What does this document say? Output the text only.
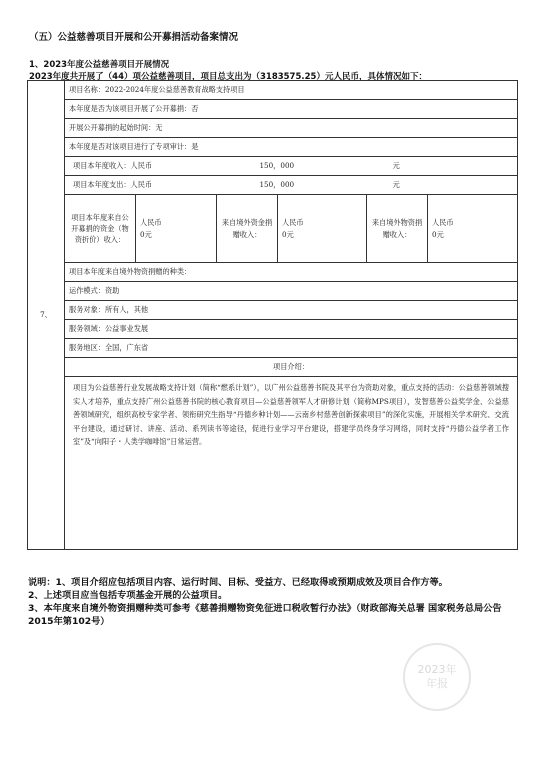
（五）公益慈善项目开展和公开募捐活动备案情况
1、2023年度公益慈善项目开展情况
2023年度共开展了（44）项公益慈善项目，项目总支出为（3183575.25）元人民币，具体情况如下：
7、	项目名称：2022-2024年度公益慈善教育战略支持项目
本年度是否为该项目开展了公开募捐：否
开展公开募捐的起始时间：无
本年度是否对该项目进行了专项审计：是

项目本年度收入：人民币	150，000	元

项目本年度支出：人民币	150，000	元

项目本年度来自公开募捐的资金（物资折价）收入：	
人民币
0元
	来自境外资金捐赠收入：	
人民币
0元
	来自境外物资捐赠收入：	
人民币
0元

项目本年度来自境外物资捐赠的种类：
运作模式：资助
服务对象：所有人，其他
服务领域：公益事业发展
服务地区：全国，广东省
项目介绍：
项目为公益慈善行业发展战略支持计划（简称“燃系计划”），以广州公益慈善书院及其平台为资助对象，重点支持的活动：公益慈善领域搜实人才培养，重点支持广州公益慈善书院的核心教育项目—公益慈善领军人才研修计划（简称MPS项目），发智慈善公益奖学金、公益慈善领域研究，组织高校专家学者、领衔研究生指导“丹德乡种计划——云南乡村慈善创新探索项目”的深化实施，开展相关学术研究、交流平台建设，通过研讨、讲座、活动、系列读书等途径，促进行业学习平台建设，搭建学员终身学习网络，同时支持“丹德公益学者工作室”及“向阳子・人类学咖啡馆”日常运营。
说明：1、项目介绍应包括项目内容、运行时间、目标、受益方、已经取得或预期成效及项目合作方等。
2、上述项目应当包括专项基金开展的公益项目。
3、本年度来自境外物资捐赠种类可参考《慈善捐赠物资免征进口税收暂行办法》（财政部海关总署 国家税务总局公告2015年第102号）
2023年
年报
